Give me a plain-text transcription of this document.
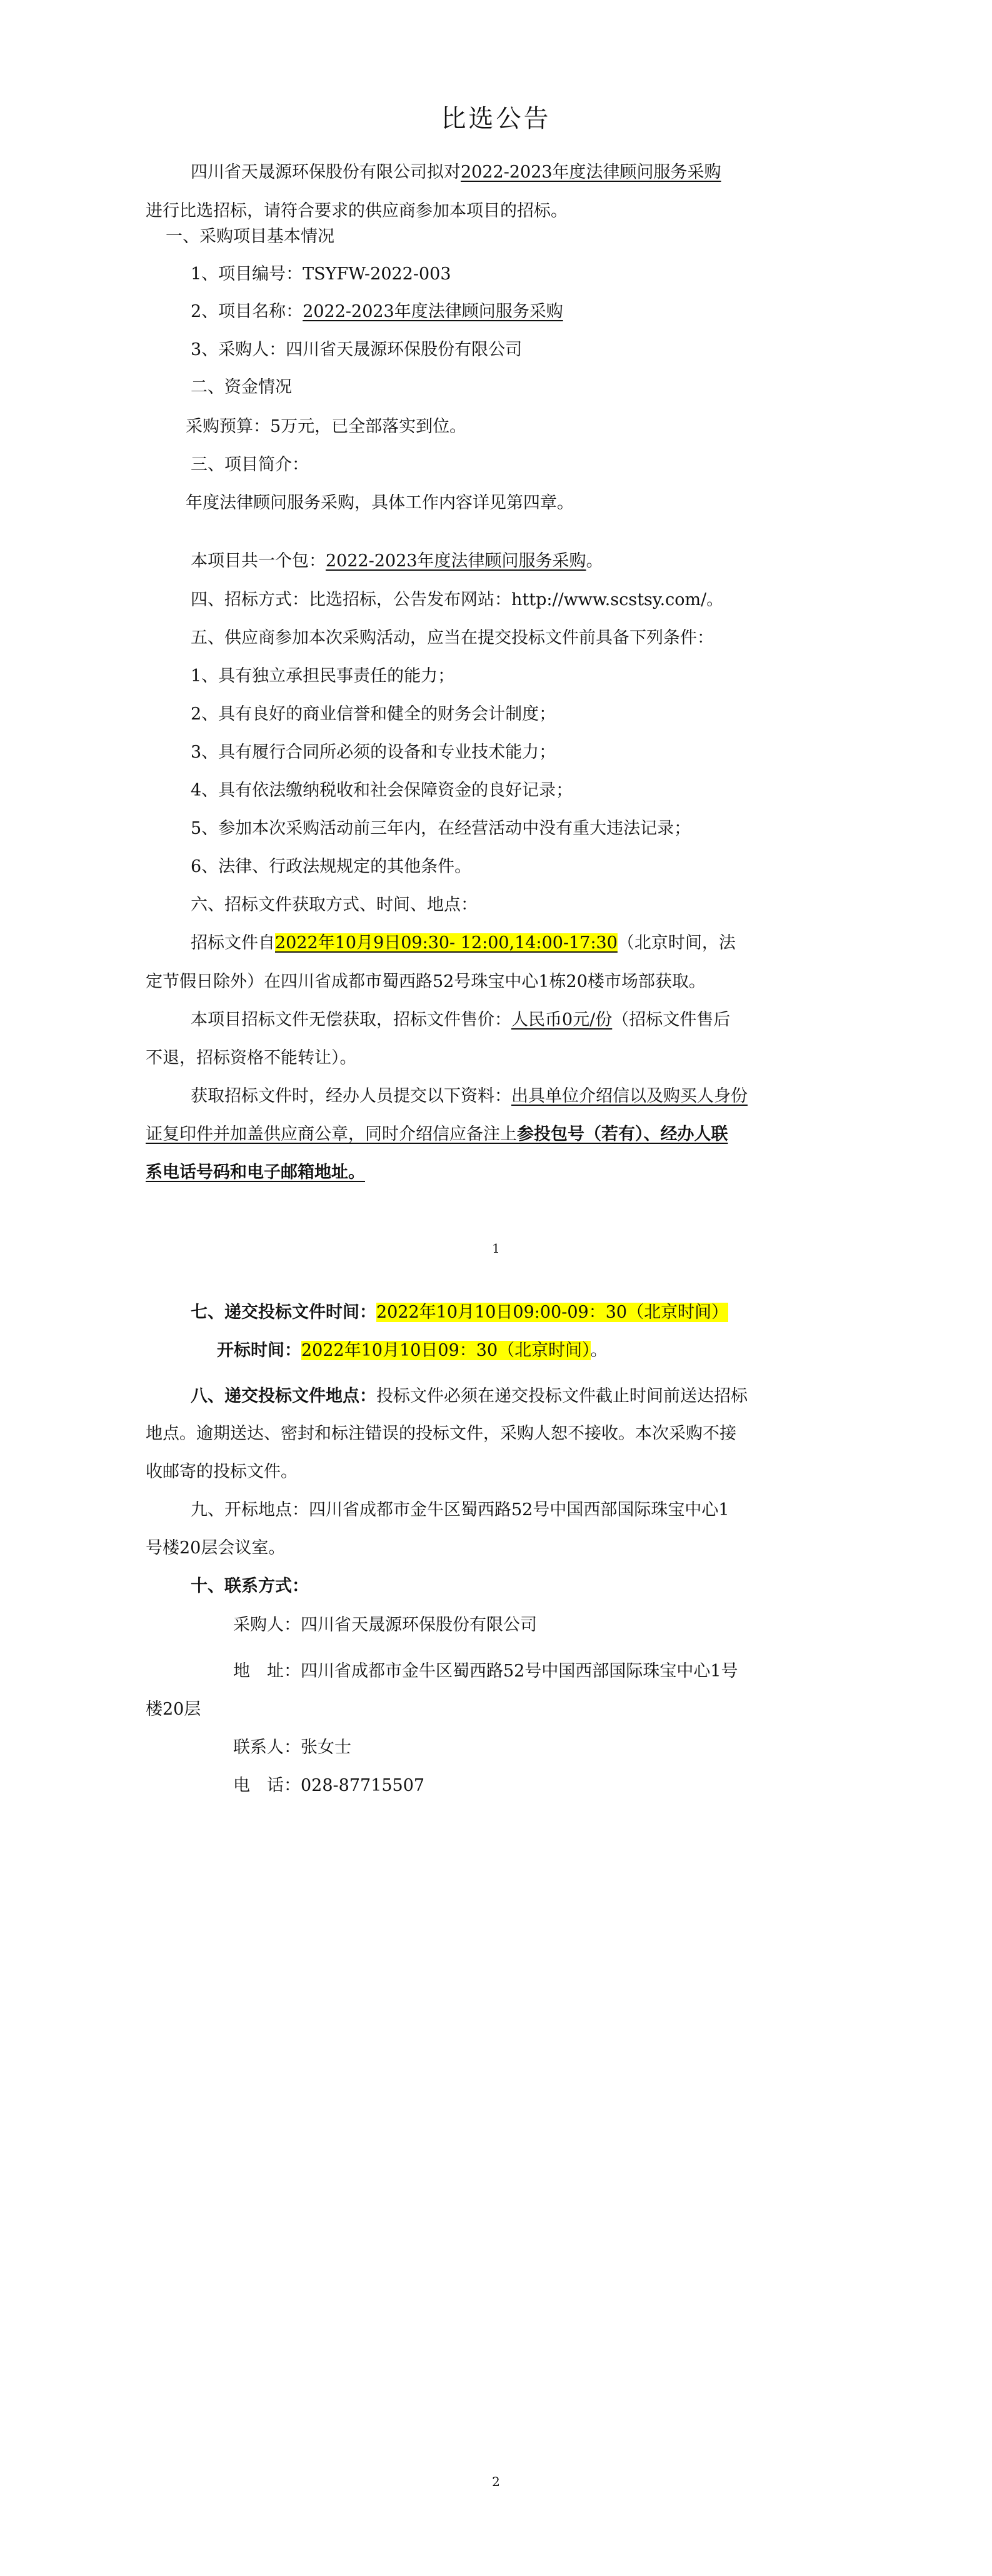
比选公告
四川省天晟源环保股份有限公司拟对2022-2023年度法律顾问服务采购
进行比选招标，请符合要求的供应商参加本项目的招标。
一、采购项目基本情况
1、项目编号：TSYFW-2022-003
2、项目名称：2022-2023年度法律顾问服务采购
3、采购人：四川省天晟源环保股份有限公司
二、资金情况
采购预算：5万元，已全部落实到位。
三、项目简介：
年度法律顾问服务采购，具体工作内容详见第四章。
本项目共一个包：2022-2023年度法律顾问服务采购。
四、招标方式：比选招标，公告发布网站：http://www.scstsy.com/。
五、供应商参加本次采购活动，应当在提交投标文件前具备下列条件：
1、具有独立承担民事责任的能力；
2、具有良好的商业信誉和健全的财务会计制度；
3、具有履行合同所必须的设备和专业技术能力；
4、具有依法缴纳税收和社会保障资金的良好记录；
5、参加本次采购活动前三年内，在经营活动中没有重大违法记录；
6、法律、行政法规规定的其他条件。
六、招标文件获取方式、时间、地点：
招标文件自2022年10月9日09:30- 12:00,14:00-17:30（北京时间，法
定节假日除外）在四川省成都市蜀西路52号珠宝中心1栋20楼市场部获取。
本项目招标文件无偿获取，招标文件售价：人民币0元/份（招标文件售后
不退，招标资格不能转让）。
获取招标文件时，经办人员提交以下资料：出具单位介绍信以及购买人身份
证复印件并加盖供应商公章，同时介绍信应备注上参投包号（若有）、经办人联
系电话号码和电子邮箱地址。
1
七、递交投标文件时间：2022年10月10日09:00-09：30（北京时间）
开标时间：2022年10月10日09：30（北京时间）。
八、递交投标文件地点：投标文件必须在递交投标文件截止时间前送达招标
地点。逾期送达、密封和标注错误的投标文件，采购人恕不接收。本次采购不接
收邮寄的投标文件。
九、开标地点：四川省成都市金牛区蜀西路52号中国西部国际珠宝中心1
号楼20层会议室。
十、联系方式：
采购人：四川省天晟源环保股份有限公司
地　址：四川省成都市金牛区蜀西路52号中国西部国际珠宝中心1号
楼20层
联系人：张女士
电　话：028-87715507
2
